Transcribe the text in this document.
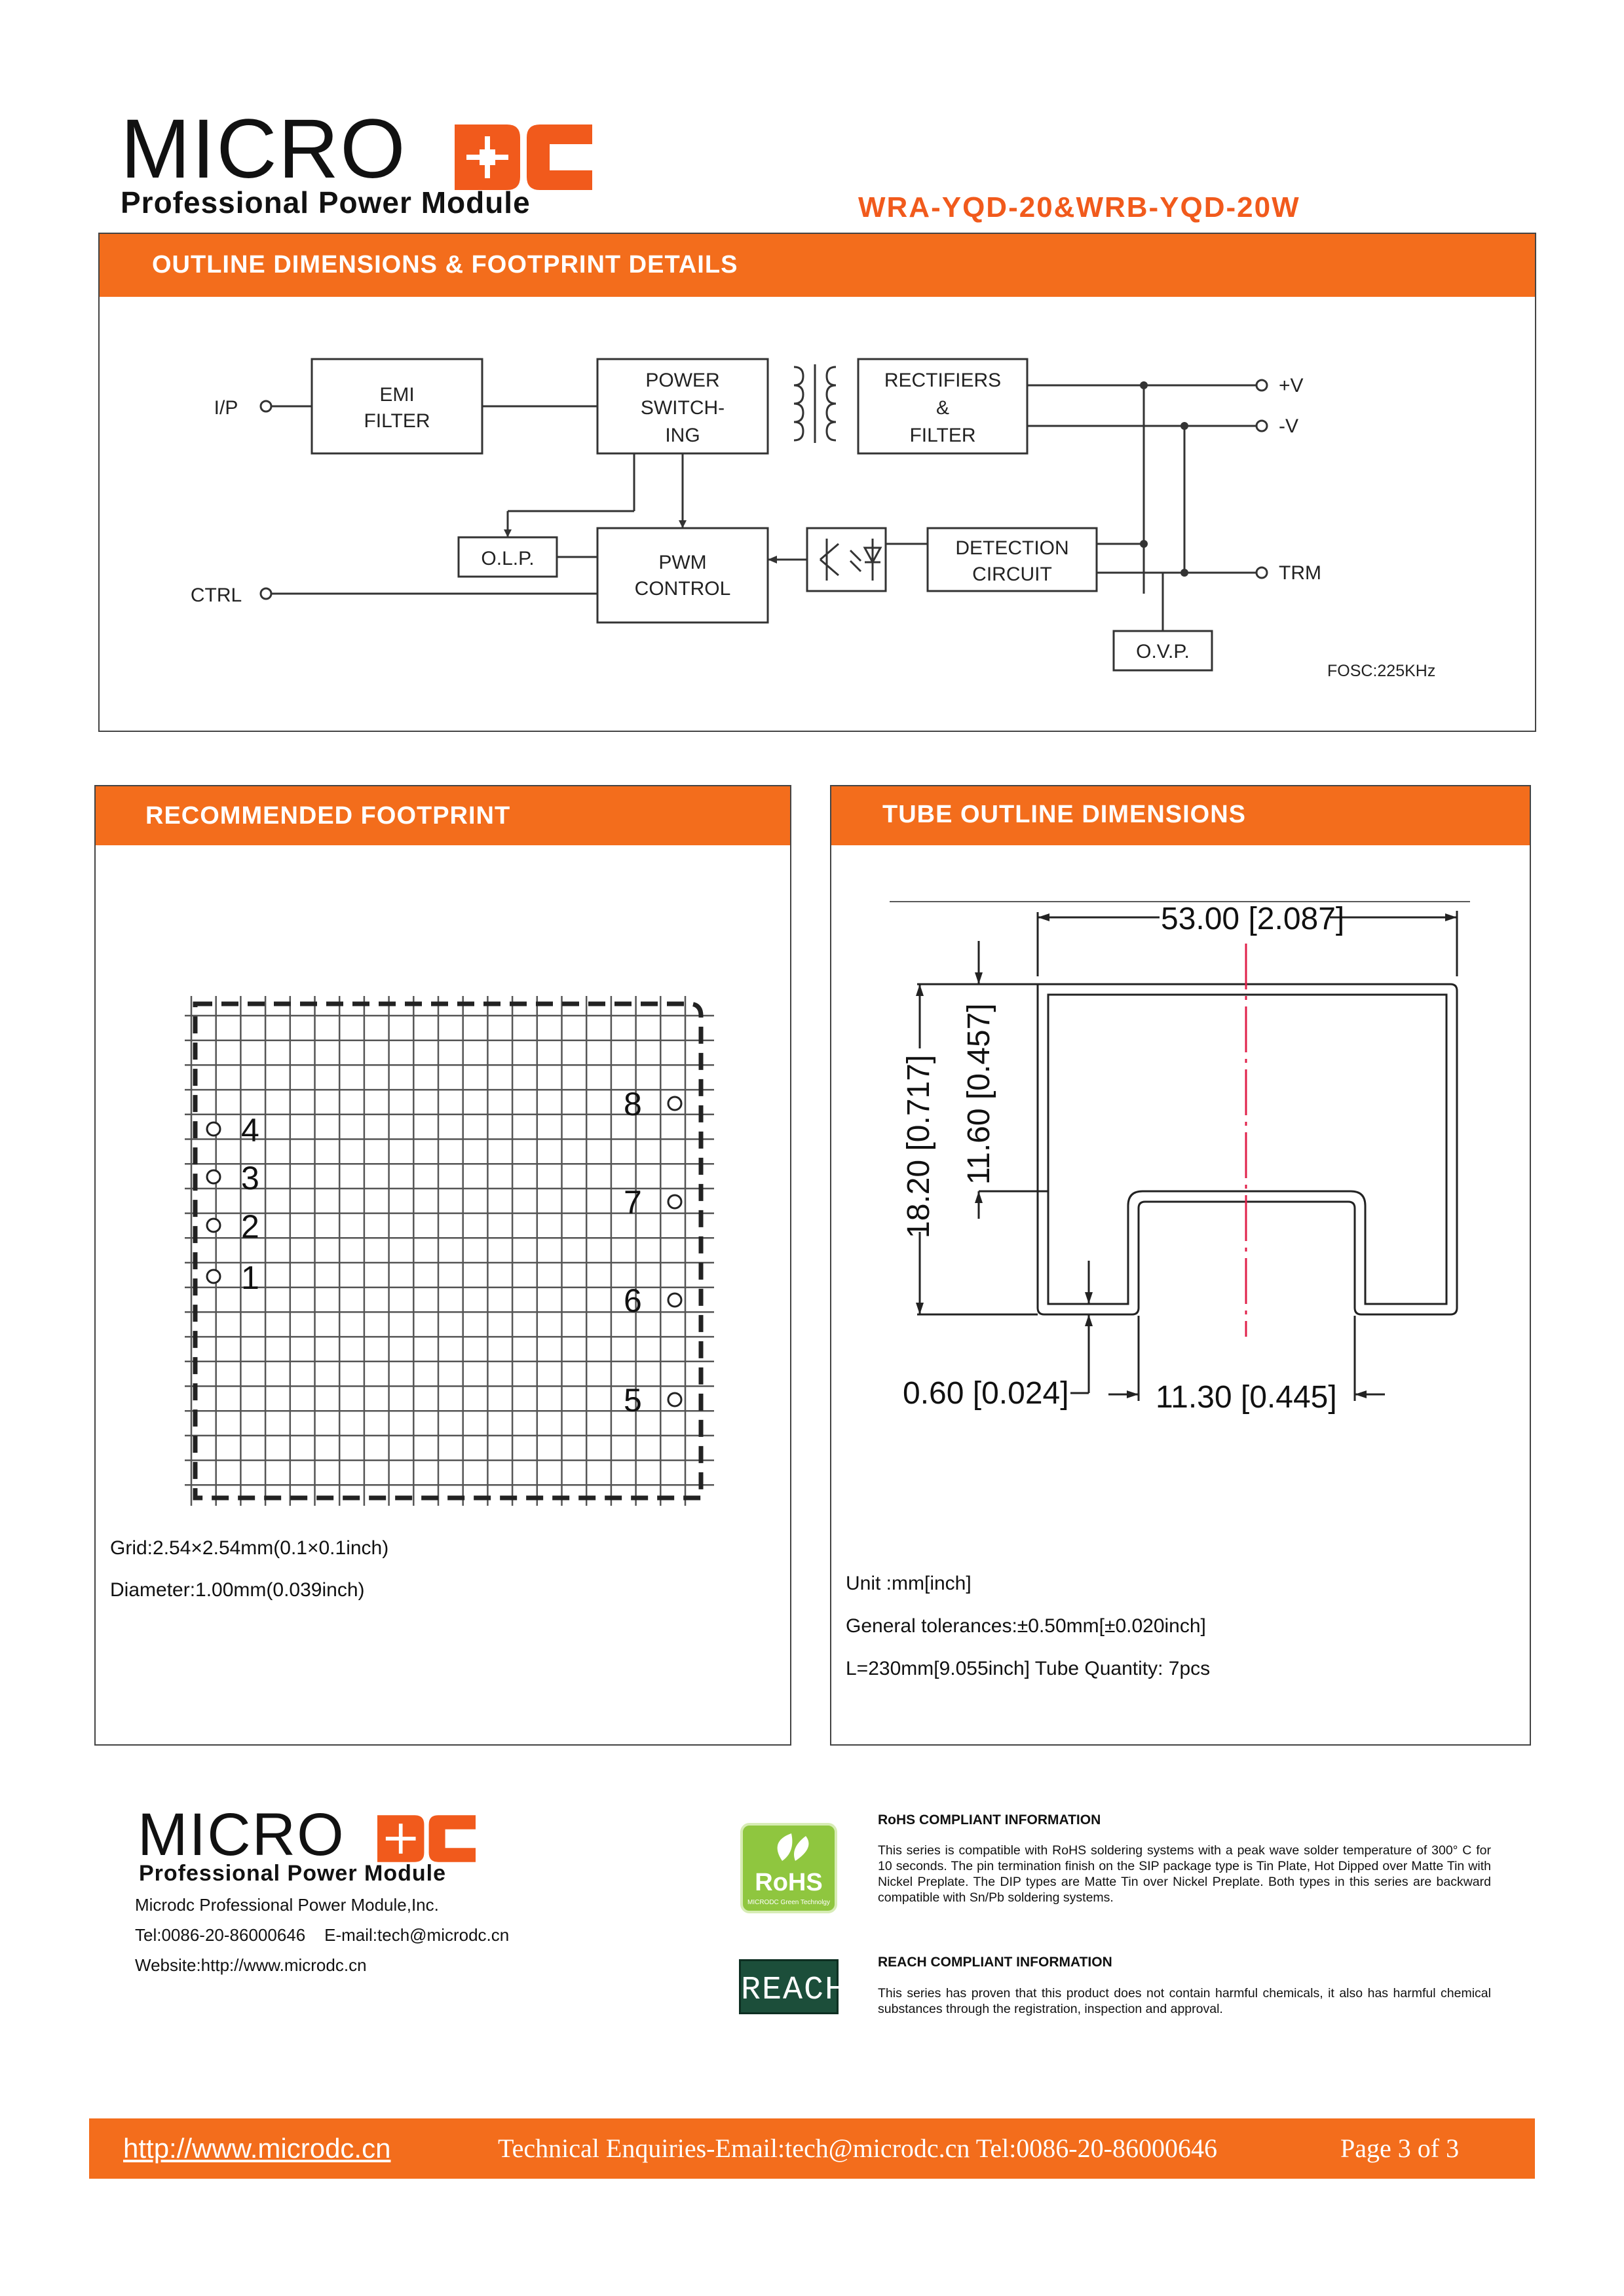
MICRO
Professional Power Module	WRA-YQD-20&WRB-YQD-20W
OUTLINE DIMENSIONS & FOOTPRINT DETAILS
I/P
CTRL
EMI
FILTER
POWER
SWITCH-
ING
RECTIFIERS
&
FILTER
O.L.P.	PWM
CONTROL
DETECTION
CIRCUIT
O.V.P.
+V
-V
TRM
FOSC:225KHz
RECOMMENDED FOOTPRINT
Grid:2.54×2.54mm(0.1×0.1inch)
Diameter:1.00mm(0.039inch)
4
3
2
1
8
7
6
5
TUBE OUTLINE DIMENSIONS
Unit :mm[inch]
General tolerances:±0.50mm[±0.020inch]
L=230mm[9.055inch] Tube Quantity: 7pcs
53.00 [2.087]
0.60 [0.024]	11.30 [0.445]
18.20 [0.717] 11.60 [0.457]
MICRO
Professional Power Module
Microdc Professional Power Module,Inc.
Tel:0086-20-86000646    E-mail:tech@microdc.cn
Website:http://www.microdc.cn
RoHS
MICRODC Green Technolgy
REACH
RoHS COMPLIANT INFORMATION
This series is compatible with RoHS soldering systems with a peak wave solder temperature of 300° C for 10 seconds. The pin termination finish on the SIP package type is Tin Plate, Hot Dipped over Matte Tin with Nickel Preplate. The DIP types are Matte Tin over Nickel Preplate. Both types in this series are backward compatible with Sn/Pb soldering systems.
REACH COMPLIANT INFORMATION
This series has proven that this product does not contain harmful chemicals, it also has harmful chemical substances through the registration, inspection and approval.
http://www.microdc.cn	Technical Enquiries-Email:tech@microdc.cn Tel:0086-20-86000646	Page 3 of 3
